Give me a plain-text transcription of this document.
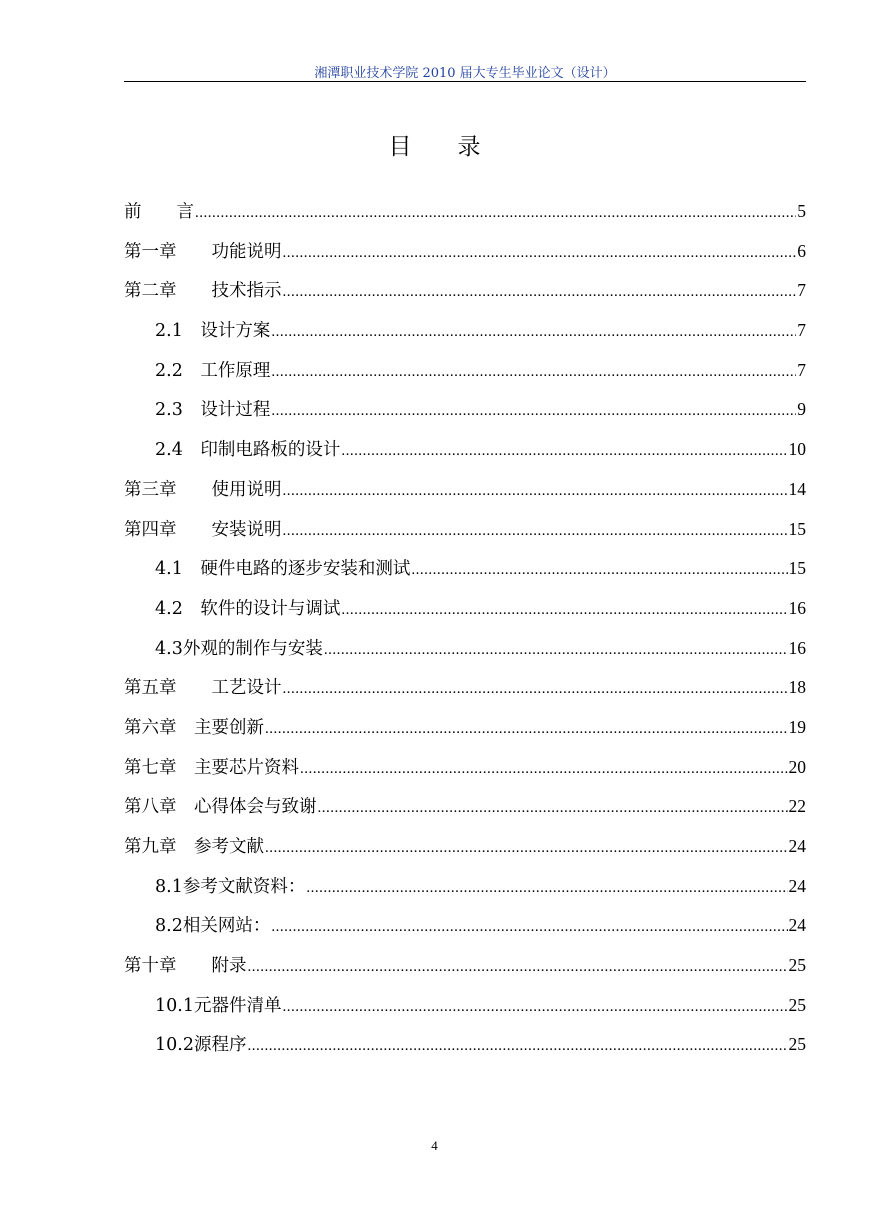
湘潭职业技术学院 2010 届大专生毕业论文（设计）
目　　录
前　　 言 .....	5
第一章　　 功能说明 .....	6
第二章　　 技术指示 .....	7
2.1　 设计方案 .....	7
2.2　 工作原理 .....	7
2.3　 设计过程 .....	9
2.4　 印制电路板的设计 .....	10
第三章　　 使用说明 .....	14
第四章　　 安装说明 .....	15
4.1　 硬件电路的逐步安装和测试 .....	15
4.2　 软件的设计与调试 .....	16
4.3外观的制作与安装 .....	16
第五章　　 工艺设计 .....	18
第六章　 主要创新 .....	19
第七章　 主要芯片资料 .....	20
第八章　 心得体会与致谢 .....	22
第九章　 参考文献 .....	24
8.1参考文献资料： .....	24
8.2相关网站： .....	24
第十章　　 附录 .....	25
10.1元器件清单 .....	25
10.2源程序 .....	25
4
